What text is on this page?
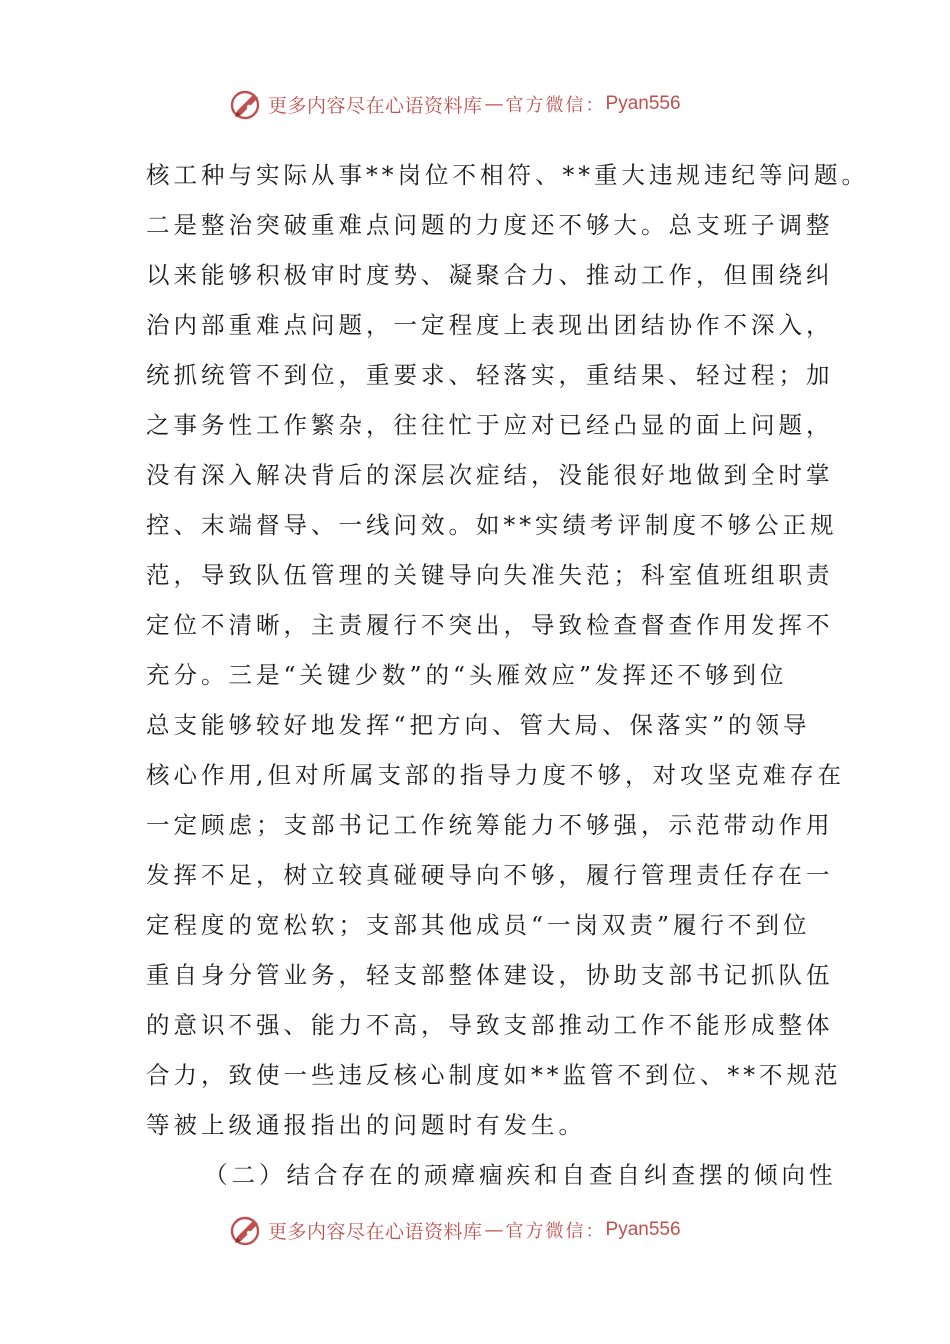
更多内容尽在心语资料库 — 官方微信： Pyan556
核工种与实际从事**岗位不相符、**重大违规违纪等问题。
二是整治突破重难点问题的力度还不够大。总支班子调整
以来能够积极审时度势、凝聚合力、推动工作，但围绕纠
治内部重难点问题，一定程度上表现出团结协作不深入，
统抓统管不到位，重要求、轻落实，重结果、轻过程；加
之事务性工作繁杂，往往忙于应对已经凸显的面上问题，
没有深入解决背后的深层次症结，没能很好地做到全时掌
控、末端督导、一线问效。如**实绩考评制度不够公正规
范，导致队伍管理的关键导向失准失范；科室值班组职责
定位不清晰，主责履行不突出，导致检查督查作用发挥不
充分。三是“关键少数”的“头雁效应”发挥还不够到位
总支能够较好地发挥“把方向、管大局、保落实”的领导
核心作用,但对所属支部的指导力度不够，对攻坚克难存在
一定顾虑；支部书记工作统筹能力不够强，示范带动作用
发挥不足，树立较真碰硬导向不够，履行管理责任存在一
定程度的宽松软；支部其他成员“一岗双责”履行不到位
重自身分管业务，轻支部整体建设，协助支部书记抓队伍
的意识不强、能力不高，导致支部推动工作不能形成整体
合力，致使一些违反核心制度如**监管不到位、**不规范
等被上级通报指出的问题时有发生。
（二）结合存在的顽瘴痼疾和自查自纠查摆的倾向性
更多内容尽在心语资料库 — 官方微信： Pyan556
